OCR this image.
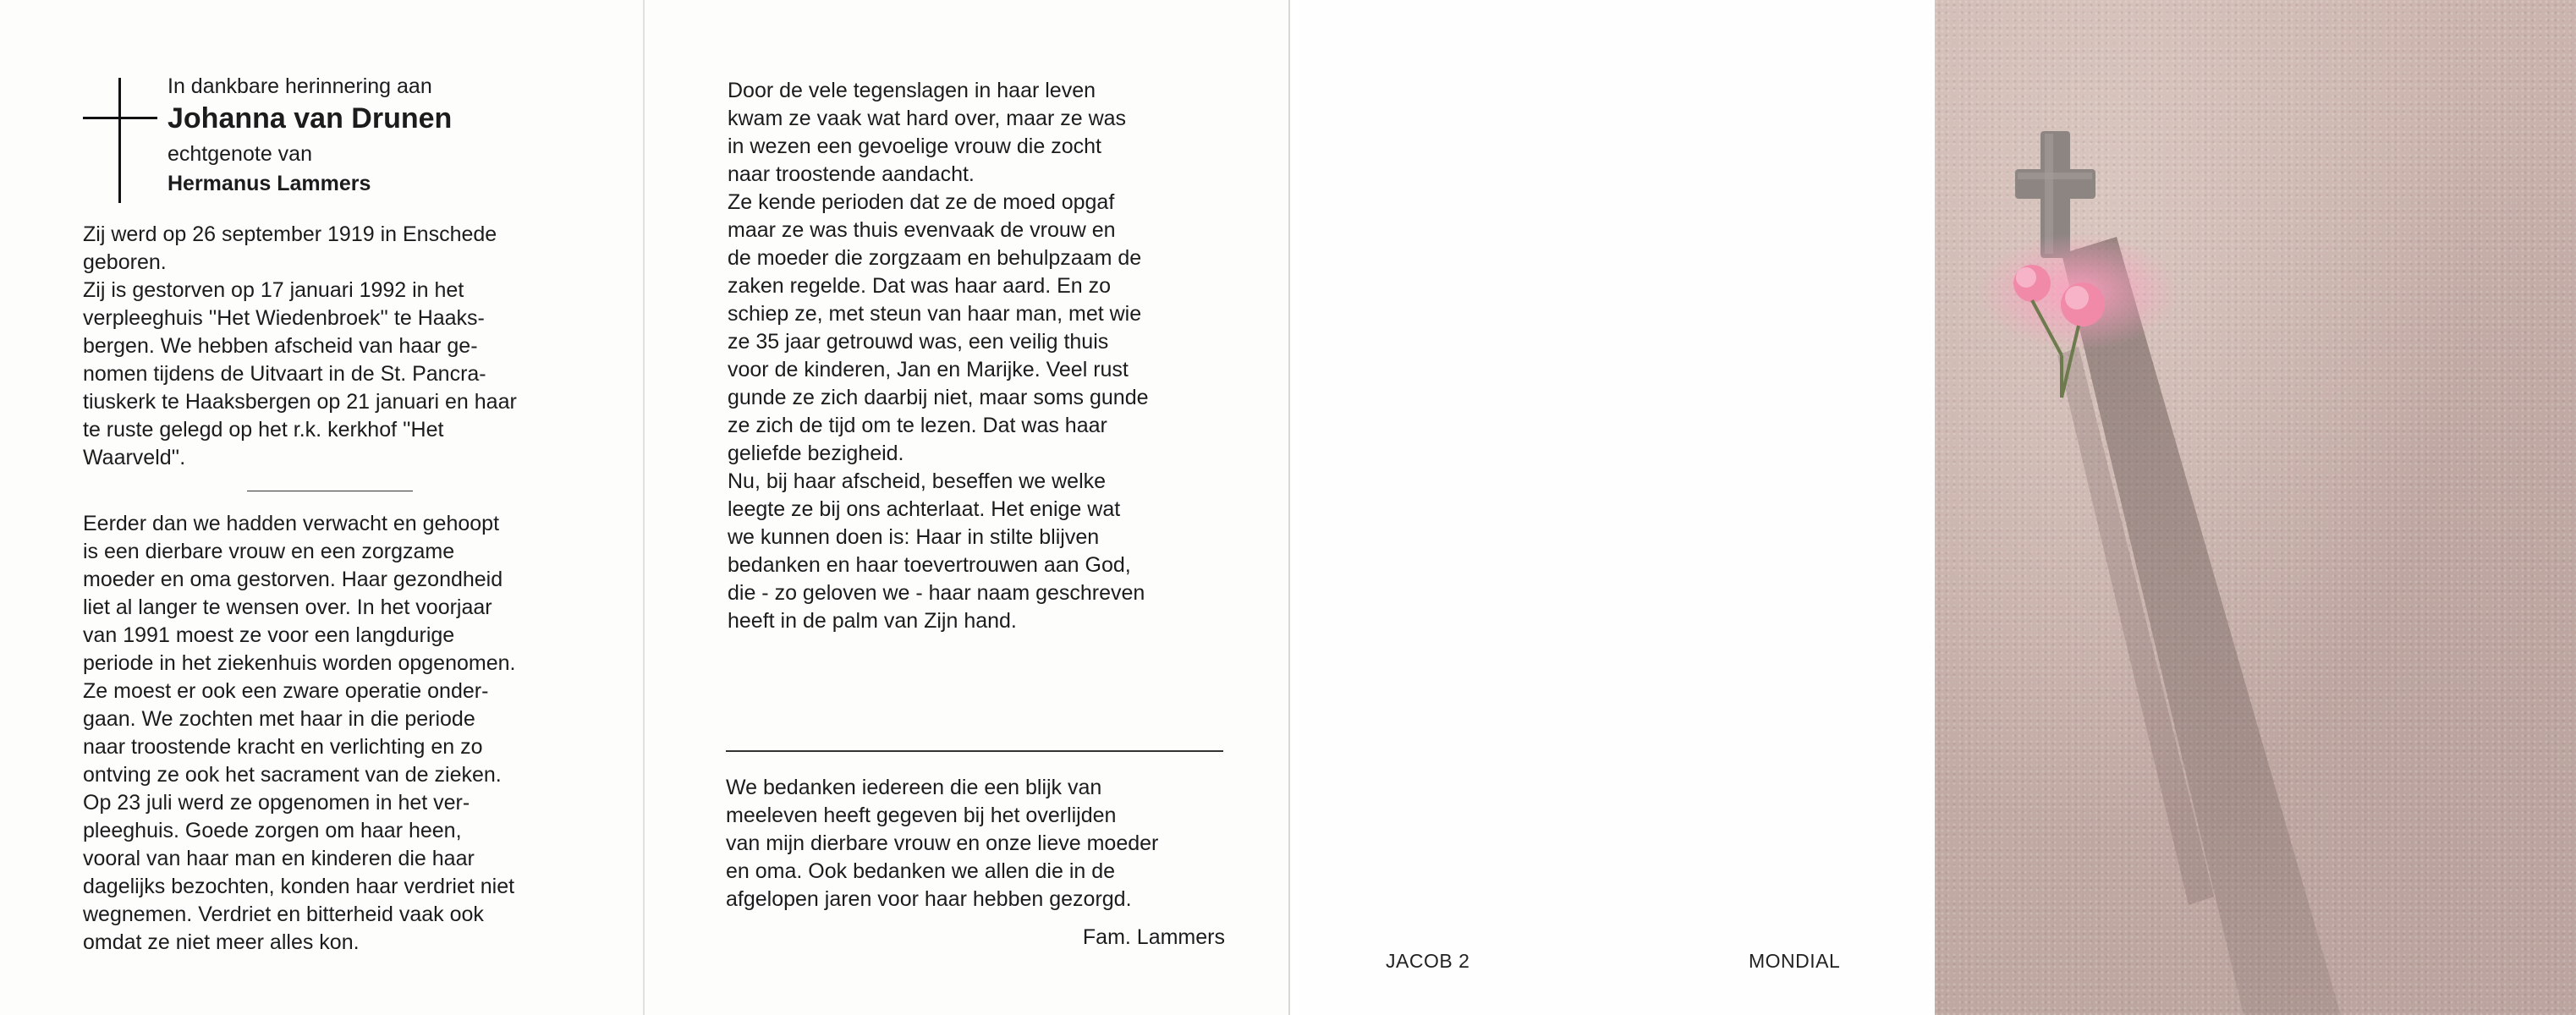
In dankbare herinnering aan
Johanna van Drunen
echtgenote van
Hermanus Lammers
Zij werd op 26 september 1919 in Enschede
geboren.
Zij is gestorven op 17 januari 1992 in het
verpleeghuis ''Het Wiedenbroek'' te Haaks-
bergen. We hebben afscheid van haar ge-
nomen tijdens de Uitvaart in de St. Pancra-
tiuskerk te Haaksbergen op 21 januari en haar
te ruste gelegd op het r.k. kerkhof ''Het
Waarveld''.
Eerder dan we hadden verwacht en gehoopt
is een dierbare vrouw en een zorgzame
moeder en oma gestorven. Haar gezondheid
liet al langer te wensen over. In het voorjaar
van 1991 moest ze voor een langdurige
periode in het ziekenhuis worden opgenomen.
Ze moest er ook een zware operatie onder-
gaan. We zochten met haar in die periode
naar troostende kracht en verlichting en zo
ontving ze ook het sacrament van de zieken.
Op 23 juli werd ze opgenomen in het ver-
pleeghuis. Goede zorgen om haar heen,
vooral van haar man en kinderen die haar
dagelijks bezochten, konden haar verdriet niet
wegnemen. Verdriet en bitterheid vaak ook
omdat ze niet meer alles kon.
Door de vele tegenslagen in haar leven
kwam ze vaak wat hard over, maar ze was
in wezen een gevoelige vrouw die zocht
naar troostende aandacht.
Ze kende perioden dat ze de moed opgaf
maar ze was thuis evenvaak de vrouw en
de moeder die zorgzaam en behulpzaam de
zaken regelde. Dat was haar aard. En zo
schiep ze, met steun van haar man, met wie
ze 35 jaar getrouwd was, een veilig thuis
voor de kinderen, Jan en Marijke. Veel rust
gunde ze zich daarbij niet, maar soms gunde
ze zich de tijd om te lezen. Dat was haar
geliefde bezigheid.
Nu, bij haar afscheid, beseffen we welke
leegte ze bij ons achterlaat. Het enige wat
we kunnen doen is: Haar in stilte blijven
bedanken en haar toevertrouwen aan God,
die - zo geloven we - haar naam geschreven
heeft in de palm van Zijn hand.
We bedanken iedereen die een blijk van
meeleven heeft gegeven bij het overlijden
van mijn dierbare vrouw en onze lieve moeder
en oma. Ook bedanken we allen die in de
afgelopen jaren voor haar hebben gezorgd.
Fam. Lammers
JACOB 2	MONDIAL
